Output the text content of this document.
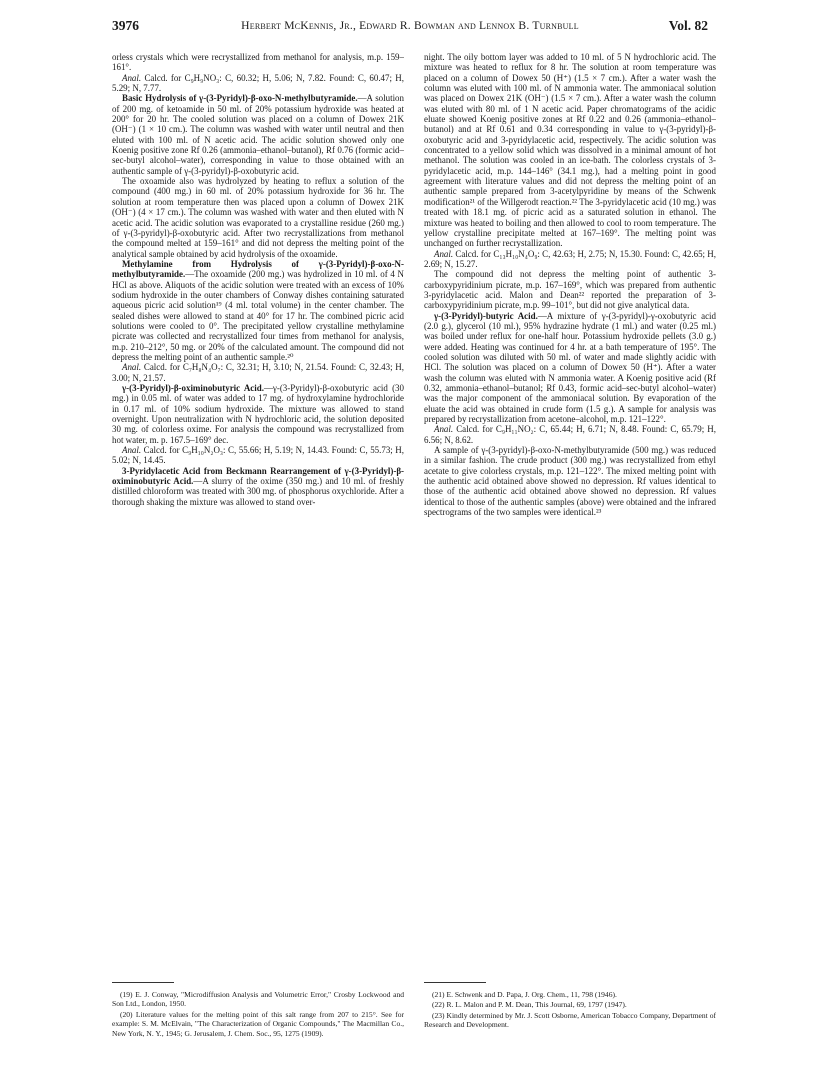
3976	Herbert McKennis, Jr., Edward R. Bowman and Lennox B. Turnbull	Vol. 82

orless crystals which were recrystallized from methanol for analysis, m.p. 159–161°.

Anal. Calcd. for C₉H₉NO₃: C, 60.32; H, 5.06; N, 7.82. Found: C, 60.47; H, 5.29; N, 7.77.

Basic Hydrolysis of γ-(3-Pyridyl)-β-oxo-N-methylbutyramide.—A solution of 200 mg. of ketoamide in 50 ml. of 20% potassium hydroxide was heated at 200° for 20 hr. The cooled solution was placed on a column of Dowex 21K (OH⁻) (1 × 10 cm.). The column was washed with water until neutral and then eluted with 100 ml. of N acetic acid. The acidic solution showed only one Koenig positive zone Rf 0.26 (ammonia–ethanol–butanol), Rf 0.76 (formic acid–sec-butyl alcohol–water), corresponding in value to those obtained with an authentic sample of γ-(3-pyridyl)-β-oxobutyric acid.

The oxoamide also was hydrolyzed by heating to reflux a solution of the compound (400 mg.) in 60 ml. of 20% potassium hydroxide for 36 hr. The solution at room temperature then was placed upon a column of Dowex 21K (OH⁻) (4 × 17 cm.). The column was washed with water and then eluted with N acetic acid. The acidic solution was evaporated to a crystalline residue (260 mg.) of γ-(3-pyridyl)-β-oxobutyric acid. After two recrystallizations from methanol the compound melted at 159–161° and did not depress the melting point of the analytical sample obtained by acid hydrolysis of the oxoamide.

Methylamine from Hydrolysis of γ-(3-Pyridyl)-β-oxo-N-methylbutyramide.—The oxoamide (200 mg.) was hydrolized in 10 ml. of 4 N HCl as above. Aliquots of the acidic solution were treated with an excess of 10% sodium hydroxide in the outer chambers of Conway dishes containing saturated aqueous picric acid solution¹⁹ (4 ml. total volume) in the center chamber. The sealed dishes were allowed to stand at 40° for 17 hr. The combined picric acid solutions were cooled to 0°. The precipitated yellow crystalline methylamine picrate was collected and recrystallized four times from methanol for analysis, m.p. 210–212°, 50 mg. or 20% of the calculated amount. The compound did not depress the melting point of an authentic sample.²⁰

Anal. Calcd. for C₇H₈N₄O₇: C, 32.31; H, 3.10; N, 21.54. Found: C, 32.43; H, 3.00; N, 21.57.

γ-(3-Pyridyl)-β-oximinobutyric Acid.—γ-(3-Pyridyl)-β-oxobutyric acid (30 mg.) in 0.05 ml. of water was added to 17 mg. of hydroxylamine hydrochloride in 0.17 ml. of 10% sodium hydroxide. The mixture was allowed to stand overnight. Upon neutralization with N hydrochloric acid, the solution deposited 30 mg. of colorless oxime. For analysis the compound was recrystallized from hot water, m. p. 167.5–169° dec.

Anal. Calcd. for C₉H₁₀N₂O₃: C, 55.66; H, 5.19; N, 14.43. Found: C, 55.73; H, 5.02; N, 14.45.

3-Pyridylacetic Acid from Beckmann Rearrangement of γ-(3-Pyridyl)-β-oximinobutyric Acid.—A slurry of the oxime (350 mg.) and 10 ml. of freshly distilled chloroform was treated with 300 mg. of phosphorus oxychloride. After a thorough shaking the mixture was allowed to stand over-

night. The oily bottom layer was added to 10 ml. of 5 N hydrochloric acid. The mixture was heated to reflux for 8 hr. The solution at room temperature was placed on a column of Dowex 50 (H⁺) (1.5 × 7 cm.). After a water wash the column was eluted with 100 ml. of N ammonia water. The ammoniacal solution was placed on Dowex 21K (OH⁻) (1.5 × 7 cm.). After a water wash the column was eluted with 80 ml. of 1 N acetic acid. Paper chromatograms of the acidic eluate showed Koenig positive zones at Rf 0.22 and 0.26 (ammonia–ethanol–butanol) and at Rf 0.61 and 0.34 corresponding in value to γ-(3-pyridyl)-β-oxobutyric acid and 3-pyridylacetic acid, respectively. The acidic solution was concentrated to a yellow solid which was dissolved in a minimal amount of hot methanol. The solution was cooled in an ice-bath. The colorless crystals of 3-pyridylacetic acid, m.p. 144–146° (34.1 mg.), had a melting point in good agreement with literature values and did not depress the melting point of an authentic sample prepared from 3-acetylpyridine by means of the Schwenk modification²¹ of the Willgerodt reaction.²² The 3-pyridylacetic acid (10 mg.) was treated with 18.1 mg. of picric acid as a saturated solution in ethanol. The mixture was heated to boiling and then allowed to cool to room temperature. The yellow crystalline precipitate melted at 167–169°. The melting point was unchanged on further recrystallization.

Anal. Calcd. for C₁₃H₁₀N₄O₉: C, 42.63; H, 2.75; N, 15.30. Found: C, 42.65; H, 2.69; N, 15.27.

The compound did not depress the melting point of authentic 3-carboxypyridinium picrate, m.p. 167–169°, which was prepared from authentic 3-pyridylacetic acid. Malon and Dean²² reported the preparation of 3-carboxypyridinium picrate, m.p. 99–101°, but did not give analytical data.

γ-(3-Pyridyl)-butyric Acid.—A mixture of γ-(3-pyridyl)-γ-oxobutyric acid (2.0 g.), glycerol (10 ml.), 95% hydrazine hydrate (1 ml.) and water (0.25 ml.) was boiled under reflux for one-half hour. Potassium hydroxide pellets (3.0 g.) were added. Heating was continued for 4 hr. at a bath temperature of 195°. The cooled solution was diluted with 50 ml. of water and made slightly acidic with HCl. The solution was placed on a column of Dowex 50 (H⁺). After a water wash the column was eluted with N ammonia water. A Koenig positive acid (Rf 0.32, ammonia–ethanol–butanol; Rf 0.43, formic acid–sec-butyl alcohol–water) was the major component of the ammoniacal solution. By evaporation of the eluate the acid was obtained in crude form (1.5 g.). A sample for analysis was prepared by recrystallization from acetone–alcohol, m.p. 121–122°.

Anal. Calcd. for C₉H₁₁NO₂: C, 65.44; H, 6.71; N, 8.48. Found: C, 65.79; H, 6.56; N, 8.62.

A sample of γ-(3-pyridyl)-β-oxo-N-methylbutyramide (500 mg.) was reduced in a similar fashion. The crude product (300 mg.) was recrystallized from ethyl acetate to give colorless crystals, m.p. 121–122°. The mixed melting point with the authentic acid obtained above showed no depression. Rf values identical to those of the authentic acid obtained above showed no depression. Rf values identical to those of the authentic samples (above) were obtained and the infrared spectrograms of the two samples were identical.²³

(19) E. J. Conway, "Microdiffusion Analysis and Volumetric Error," Crosby Lockwood and Son Ltd., London, 1950.

(20) Literature values for the melting point of this salt range from 207 to 215°. See for example: S. M. McElvain, "The Characterization of Organic Compounds," The Macmillan Co., New York, N. Y., 1945; G. Jerusalem, J. Chem. Soc., 95, 1275 (1909).

(21) E. Schwenk and D. Papa, J. Org. Chem., 11, 798 (1946).

(22) R. L. Malon and P. M. Dean, This Journal, 69, 1797 (1947).

(23) Kindly determined by Mr. J. Scott Osborne, American Tobacco Company, Department of Research and Development.
